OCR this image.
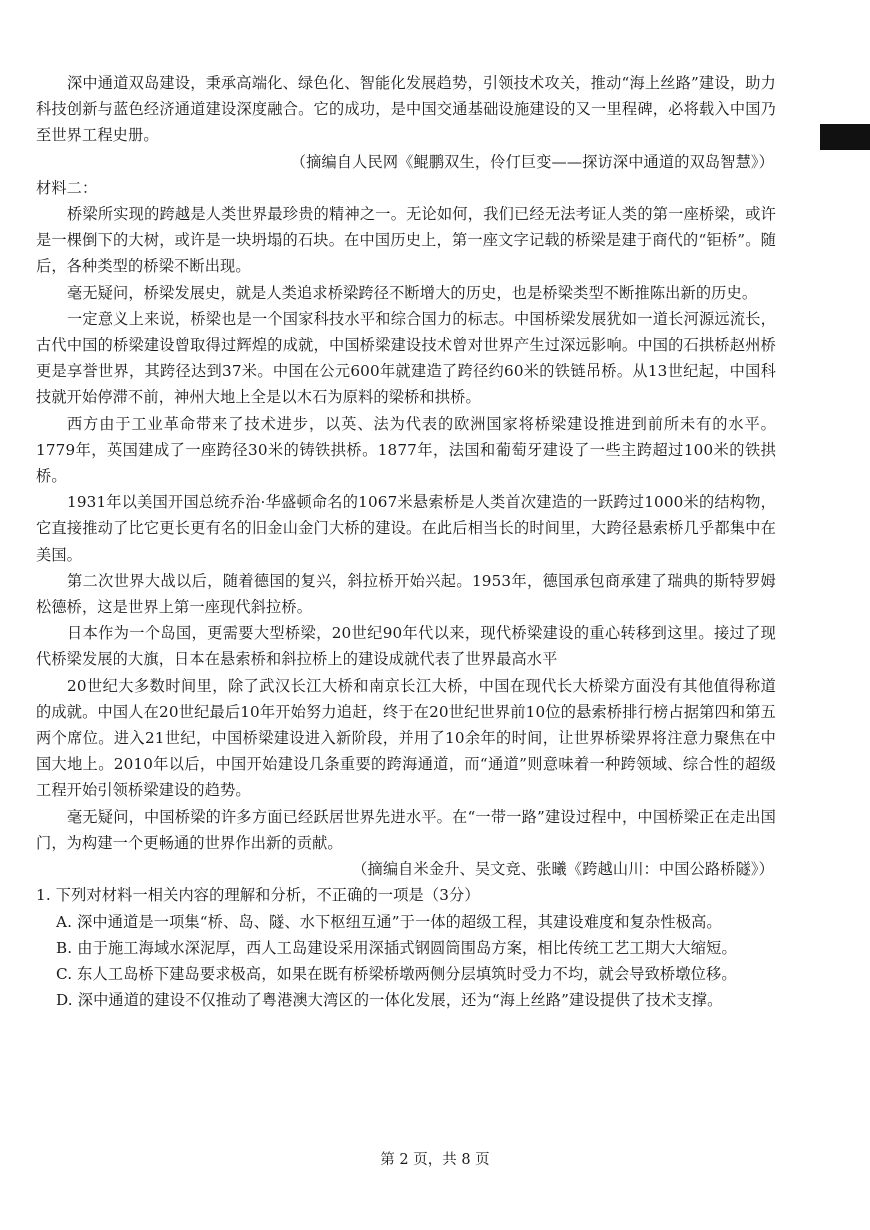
深中通道双岛建设，秉承高端化、绿色化、智能化发展趋势，引领技术攻关，推动“海上丝路”建设，助力科技创新与蓝色经济通道建设深度融合。它的成功，是中国交通基础设施建设的又一里程碑，必将载入中国乃至世界工程史册。

（摘编自人民网《鲲鹏双生，伶仃巨变——探访深中通道的双岛智慧》）

材料二：

桥梁所实现的跨越是人类世界最珍贵的精神之一。无论如何，我们已经无法考证人类的第一座桥梁，或许是一棵倒下的大树，或许是一块坍塌的石块。在中国历史上，第一座文字记载的桥梁是建于商代的“钜桥”。随后，各种类型的桥梁不断出现。

毫无疑问，桥梁发展史，就是人类追求桥梁跨径不断增大的历史，也是桥梁类型不断推陈出新的历史。

一定意义上来说，桥梁也是一个国家科技水平和综合国力的标志。中国桥梁发展犹如一道长河源远流长，古代中国的桥梁建设曾取得过辉煌的成就，中国桥梁建设技术曾对世界产生过深远影响。中国的石拱桥赵州桥更是享誉世界，其跨径达到37米。中国在公元600年就建造了跨径约60米的铁链吊桥。从13世纪起，中国科技就开始停滞不前，神州大地上全是以木石为原料的梁桥和拱桥。

西方由于工业革命带来了技术进步，以英、法为代表的欧洲国家将桥梁建设推进到前所未有的水平。1779年，英国建成了一座跨径30米的铸铁拱桥。1877年，法国和葡萄牙建设了一些主跨超过100米的铁拱桥。

1931年以美国开国总统乔治·华盛顿命名的1067米悬索桥是人类首次建造的一跃跨过1000米的结构物，它直接推动了比它更长更有名的旧金山金门大桥的建设。在此后相当长的时间里，大跨径悬索桥几乎都集中在美国。

第二次世界大战以后，随着德国的复兴，斜拉桥开始兴起。1953年，德国承包商承建了瑞典的斯特罗姆松德桥，这是世界上第一座现代斜拉桥。

日本作为一个岛国，更需要大型桥梁，20世纪90年代以来，现代桥梁建设的重心转移到这里。接过了现代桥梁发展的大旗，日本在悬索桥和斜拉桥上的建设成就代表了世界最高水平

20世纪大多数时间里，除了武汉长江大桥和南京长江大桥，中国在现代长大桥梁方面没有其他值得称道的成就。中国人在20世纪最后10年开始努力追赶，终于在20世纪世界前10位的悬索桥排行榜占据第四和第五两个席位。进入21世纪，中国桥梁建设进入新阶段，并用了10余年的时间，让世界桥梁界将注意力聚焦在中国大地上。2010年以后，中国开始建设几条重要的跨海通道，而“通道”则意味着一种跨领域、综合性的超级工程开始引领桥梁建设的趋势。

毫无疑问，中国桥梁的许多方面已经跃居世界先进水平。在“一带一路”建设过程中，中国桥梁正在走出国门，为构建一个更畅通的世界作出新的贡献。

（摘编自米金升、吴文竞、张曦《跨越山川：中国公路桥隧》）

1. 下列对材料一相关内容的理解和分析，不正确的一项是（3分）

A. 深中通道是一项集“桥、岛、隧、水下枢纽互通”于一体的超级工程，其建设难度和复杂性极高。

B. 由于施工海域水深泥厚，西人工岛建设采用深插式钢圆筒围岛方案，相比传统工艺工期大大缩短。

C. 东人工岛桥下建岛要求极高，如果在既有桥梁桥墩两侧分层填筑时受力不均，就会导致桥墩位移。

D. 深中通道的建设不仅推动了粤港澳大湾区的一体化发展，还为“海上丝路”建设提供了技术支撑。

第 2 页，共 8 页
